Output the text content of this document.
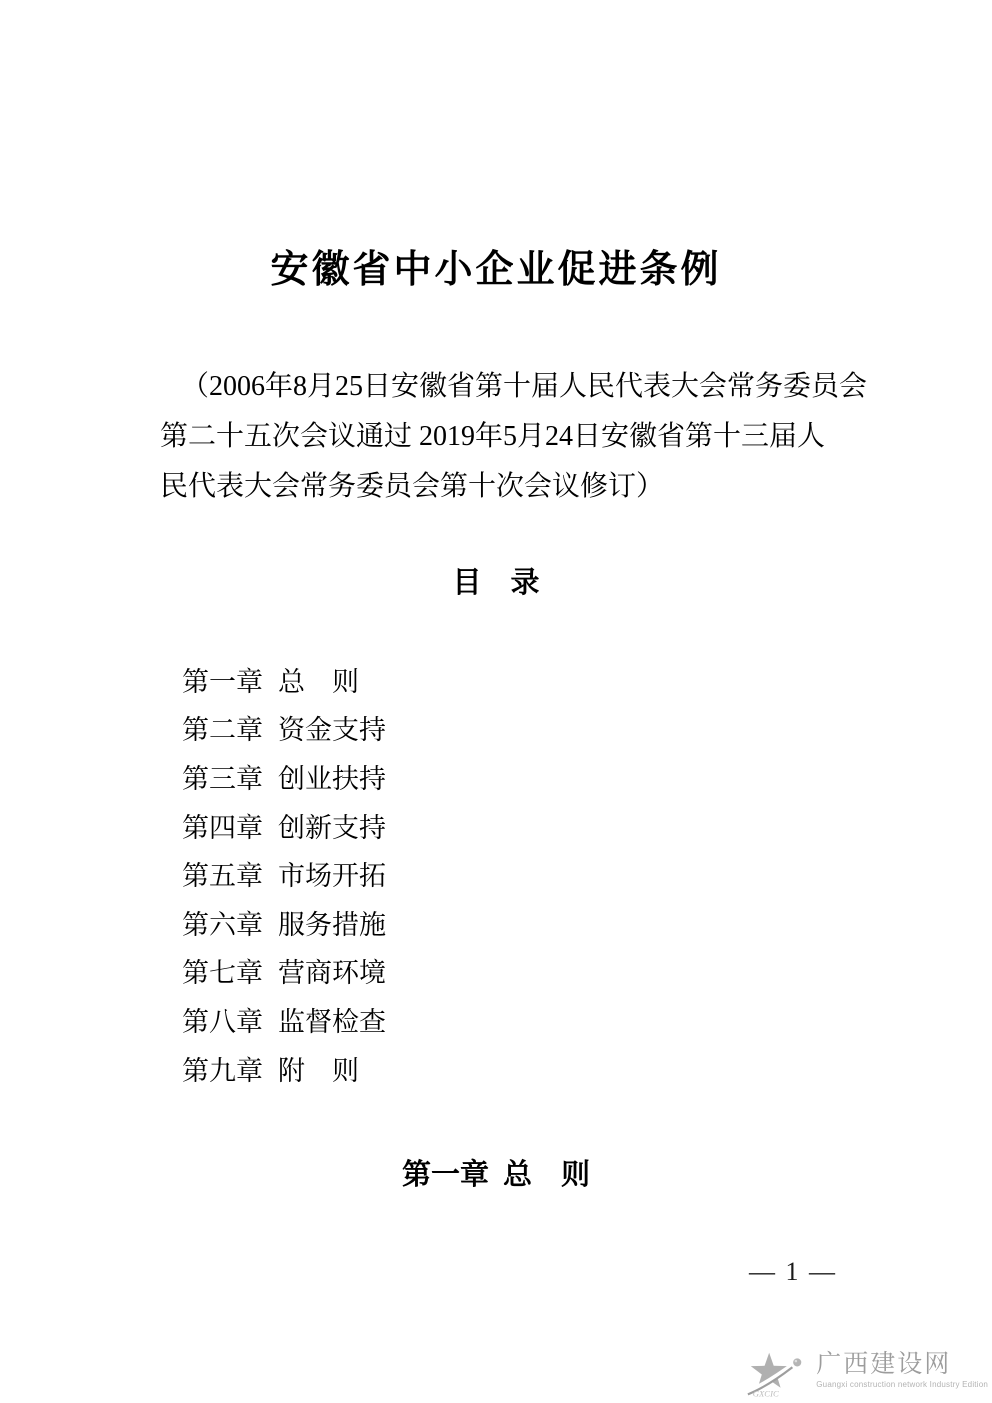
安徽省中小企业促进条例
（2006年8月25日安徽省第十届人民代表大会常务委员会
第二十五次会议通过 2019年5月24日安徽省第十三届人
民代表大会常务委员会第十次会议修订）
目　录
第一章 总　则
第二章 资金支持
第三章 创业扶持
第四章 创新支持
第五章 市场开拓
第六章 服务措施
第七章 营商环境
第八章 监督检查
第九章 附　则
第一章 总　则
— 1 —
GXCIC
广西建设网
Guangxi construction network Industry Edition
